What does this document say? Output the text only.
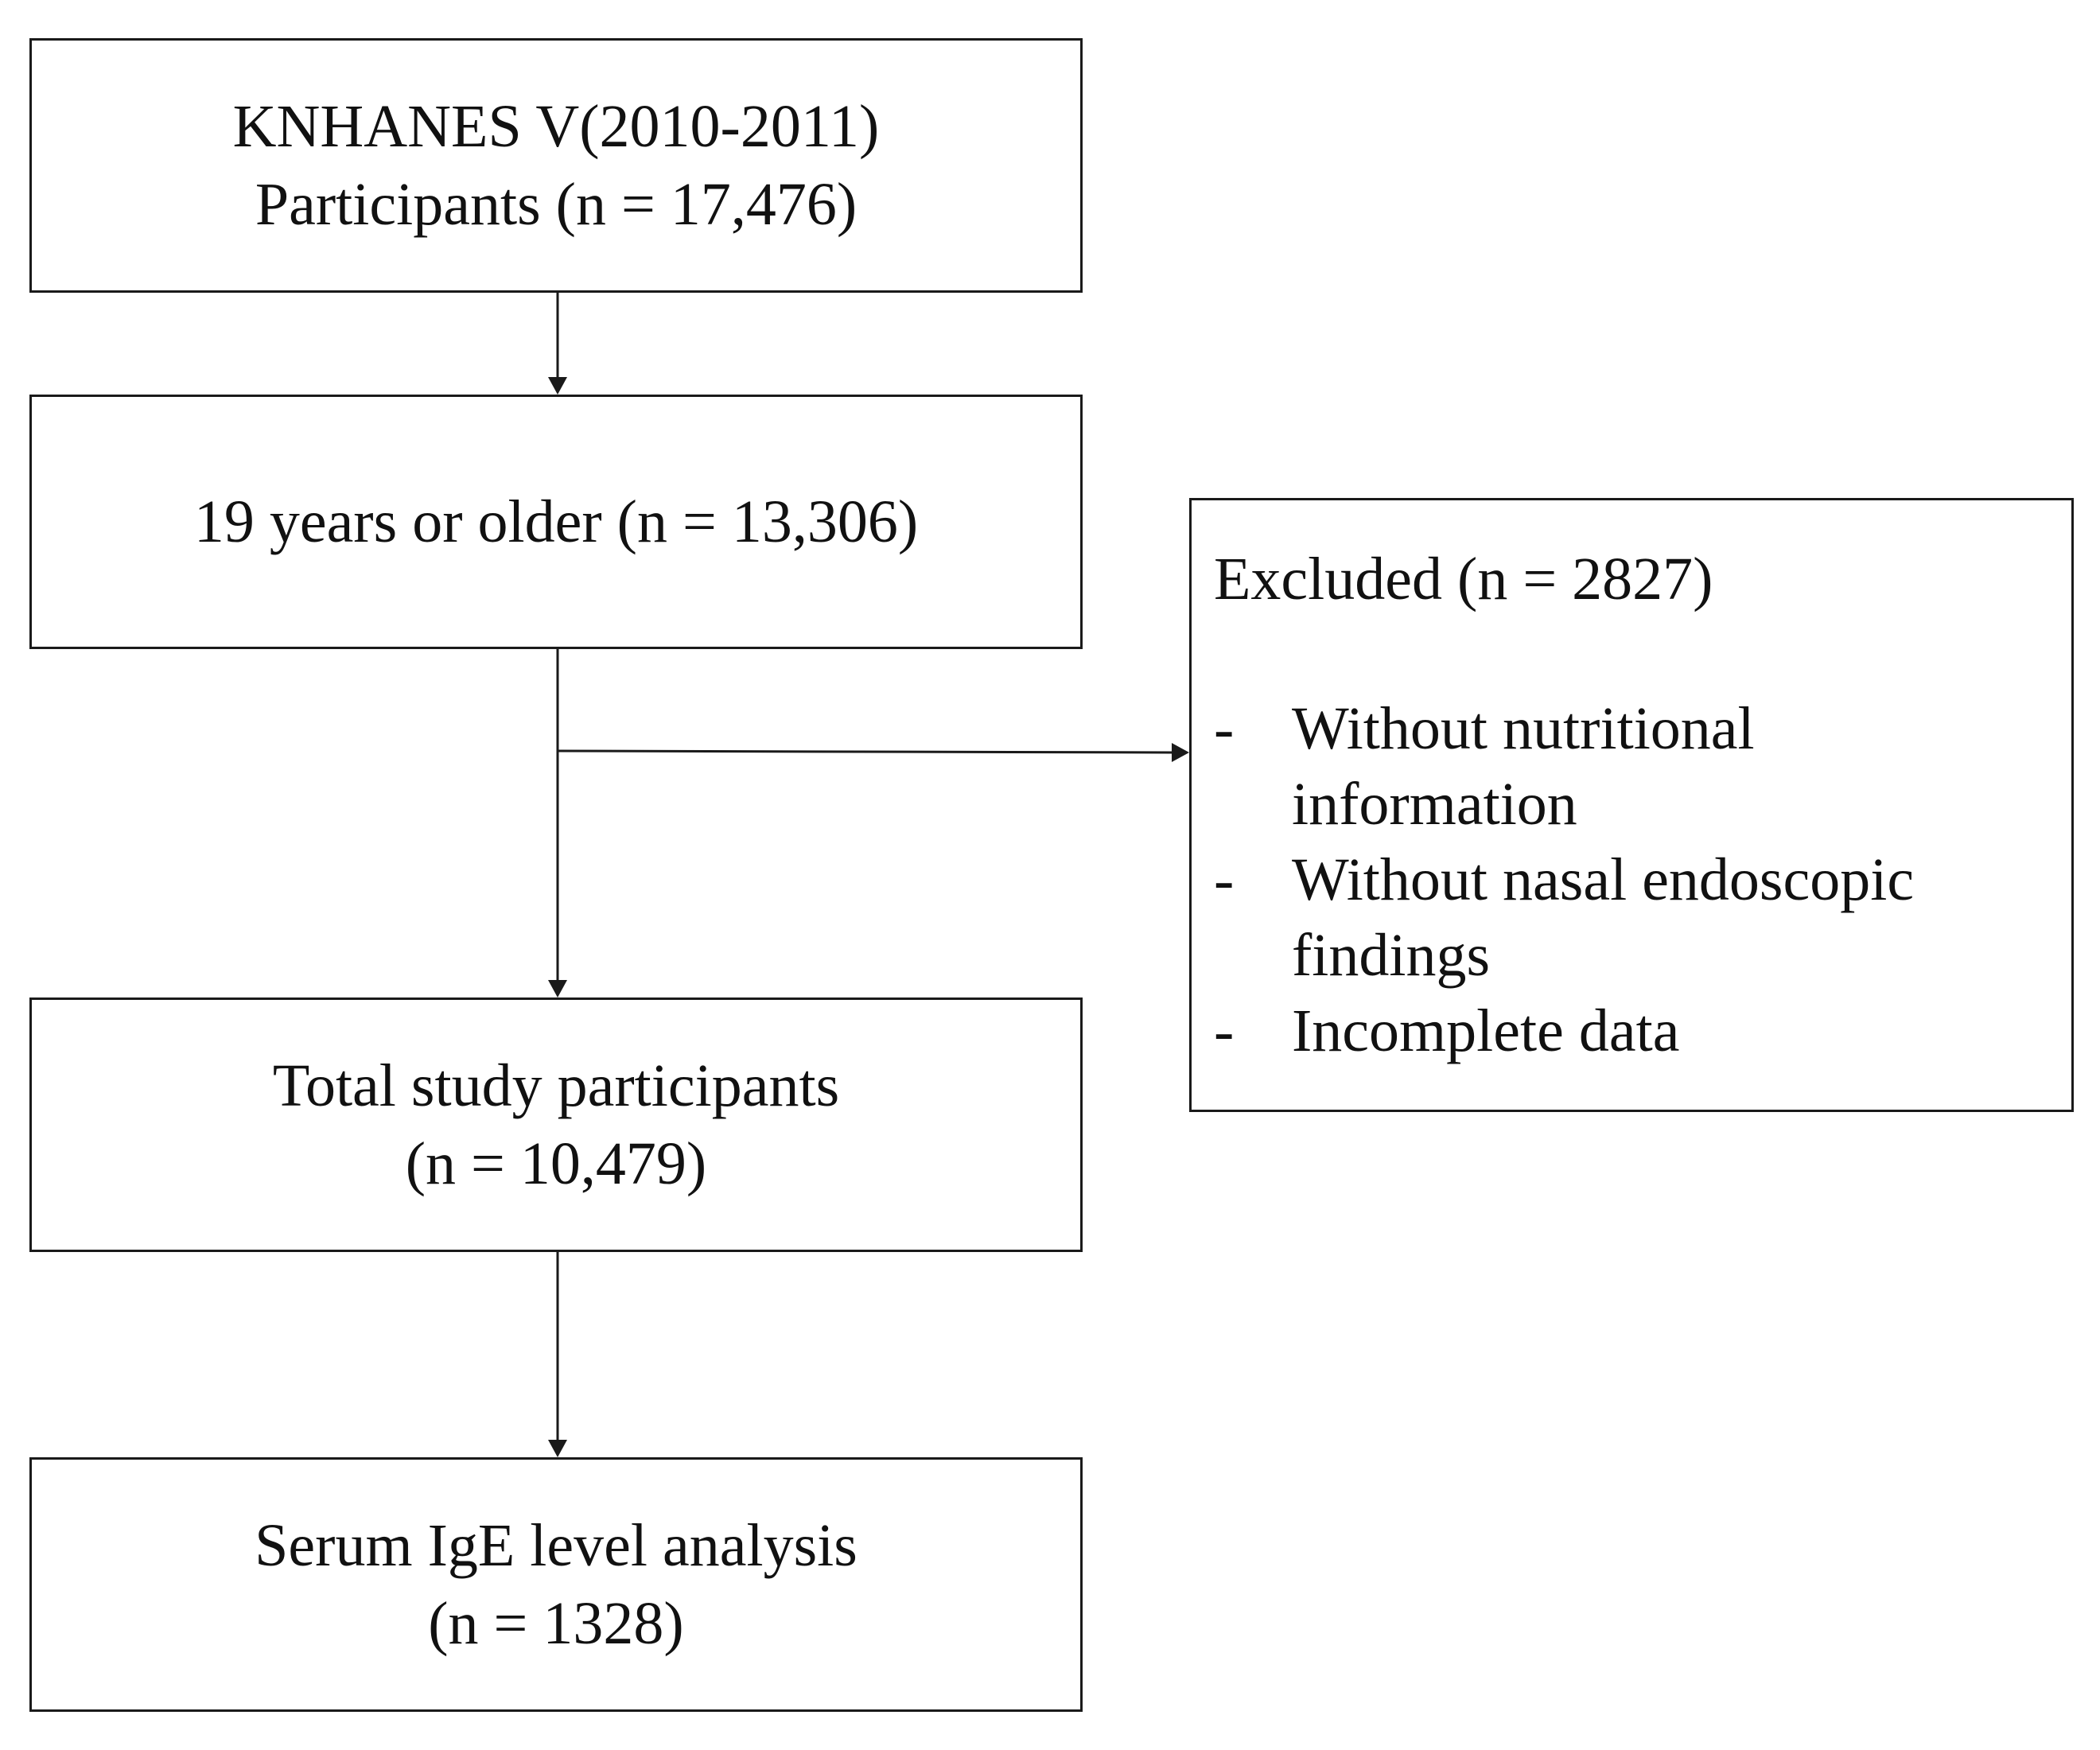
KNHANES V(2010-2011)
Participants (n = 17,476)
19 years or older (n = 13,306)
Total study participants
(n = 10,479)
Serum IgE level analysis
(n = 1328)
Excluded (n = 2827)
- Without nutritional
information
- Without nasal endoscopic
findings
- Incomplete data
